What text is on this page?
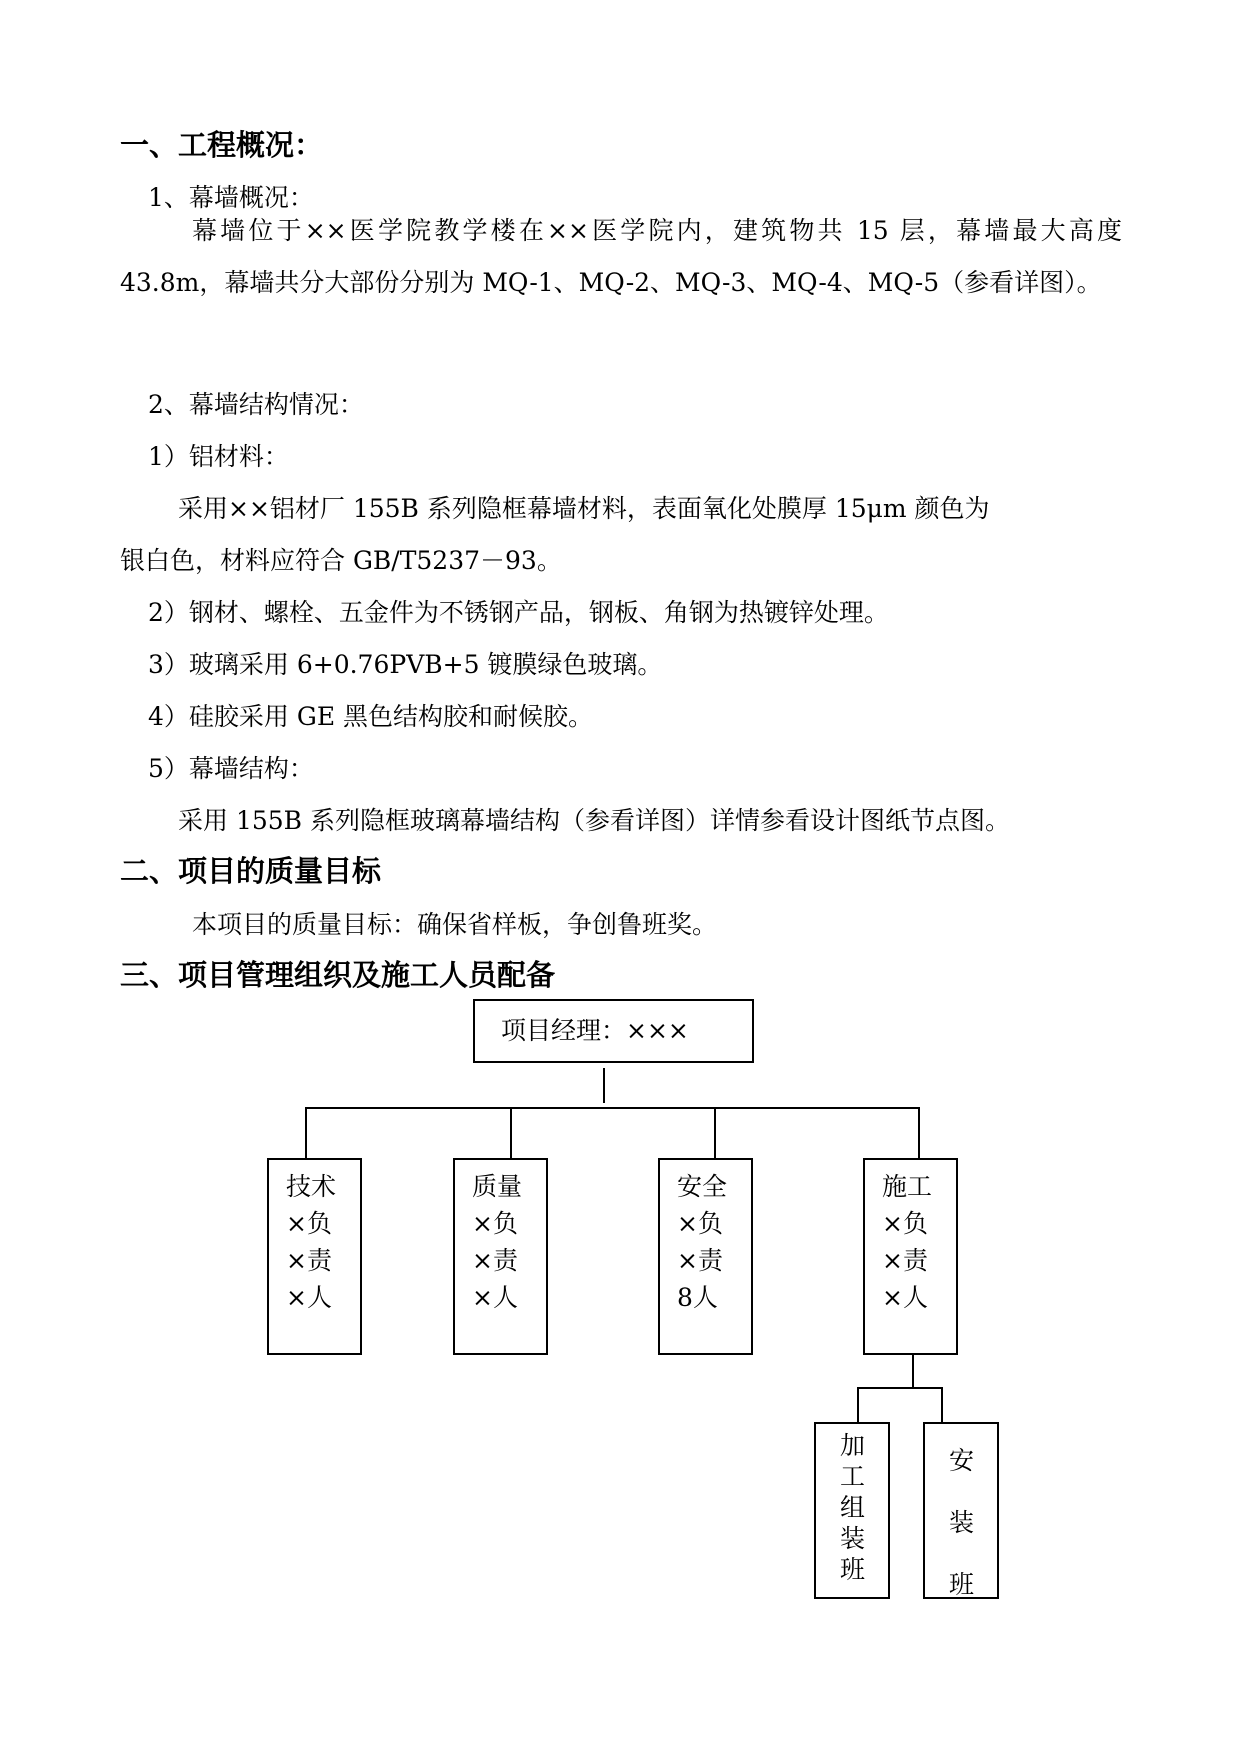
一、工程概况：
1、幕墙概况：
幕墙位于××医学院教学楼在××医学院内，建筑物共 15 层，幕墙最大高度 43.8m，幕墙共分大部份分别为 MQ-1、MQ-2、MQ-3、MQ-4、MQ-5（参看详图）。
2、幕墙结构情况：
1）铝材料：
采用××铝材厂 155B 系列隐框幕墙材料，表面氧化处膜厚 15μm 颜色为
银白色，材料应符合 GB/T5237－93。
2）钢材、螺栓、五金件为不锈钢产品，钢板、角钢为热镀锌处理。
3）玻璃采用 6+0.76PVB+5 镀膜绿色玻璃。
4）硅胶采用 GE 黑色结构胶和耐候胶。
5）幕墙结构：
采用 155B 系列隐框玻璃幕墙结构（参看详图）详情参看设计图纸节点图。
二、项目的质量目标
本项目的质量目标：确保省样板，争创鲁班奖。
三、项目管理组织及施工人员配备
项目经理：×××
技术×负×责×人
质量×负×责×人
安全×负×责8人
施工×负×责×人
加工组装班
安装班
